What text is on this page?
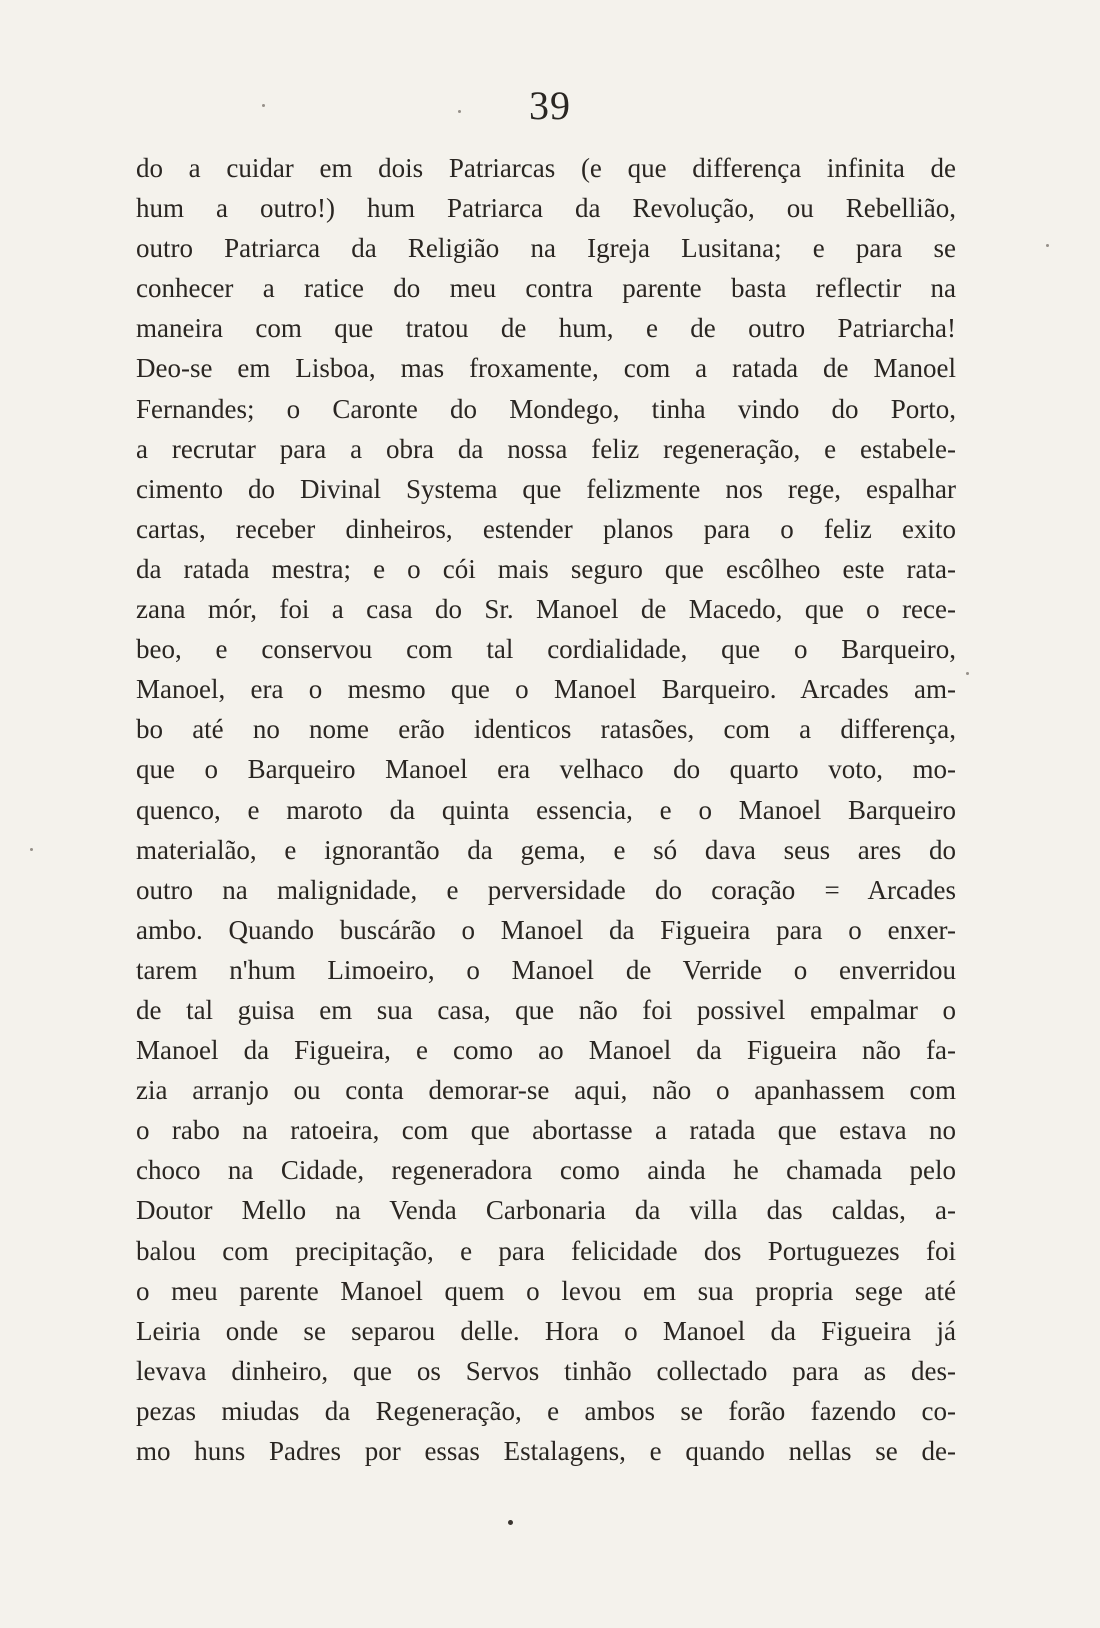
39
do a cuidar em dois Patriarcas (e que differença infinita de
hum a outro!) hum Patriarca da Revolução, ou Rebellião,
outro Patriarca da Religião na Igreja Lusitana; e para se
conhecer a ratice do meu contra parente basta reflectir na
maneira com que tratou de hum, e de outro Patriarcha!
Deo-se em Lisboa, mas froxamente, com a ratada de Manoel
Fernandes; o Caronte do Mondego, tinha vindo do Porto,
a recrutar para a obra da nossa feliz regeneração, e estabele-
cimento do Divinal Systema que felizmente nos rege, espalhar
cartas, receber dinheiros, estender planos para o feliz exito
da ratada mestra; e o cói mais seguro que escôlheo este rata-
zana mór, foi a casa do Sr. Manoel de Macedo, que o rece-
beo, e conservou com tal cordialidade, que o Barqueiro,
Manoel, era o mesmo que o Manoel Barqueiro. Arcades am-
bo até no nome erão identicos ratasões, com a differença,
que o Barqueiro Manoel era velhaco do quarto voto, mo-
quenco, e maroto da quinta essencia, e o Manoel Barqueiro
materialão, e ignorantão da gema, e só dava seus ares do
outro na malignidade, e perversidade do coração = Arcades
ambo. Quando buscárão o Manoel da Figueira para o enxer-
tarem n'hum Limoeiro, o Manoel de Verride o enverridou
de tal guisa em sua casa, que não foi possivel empalmar o
Manoel da Figueira, e como ao Manoel da Figueira não fa-
zia arranjo ou conta demorar-se aqui, não o apanhassem com
o rabo na ratoeira, com que abortasse a ratada que estava no
choco na Cidade, regeneradora como ainda he chamada pelo
Doutor Mello na Venda Carbonaria da villa das caldas, a-
balou com precipitação, e para felicidade dos Portuguezes foi
o meu parente Manoel quem o levou em sua propria sege até
Leiria onde se separou delle. Hora o Manoel da Figueira já
levava dinheiro, que os Servos tinhão collectado para as des-
pezas miudas da Regeneração, e ambos se forão fazendo co-
mo huns Padres por essas Estalagens, e quando nellas se de-
